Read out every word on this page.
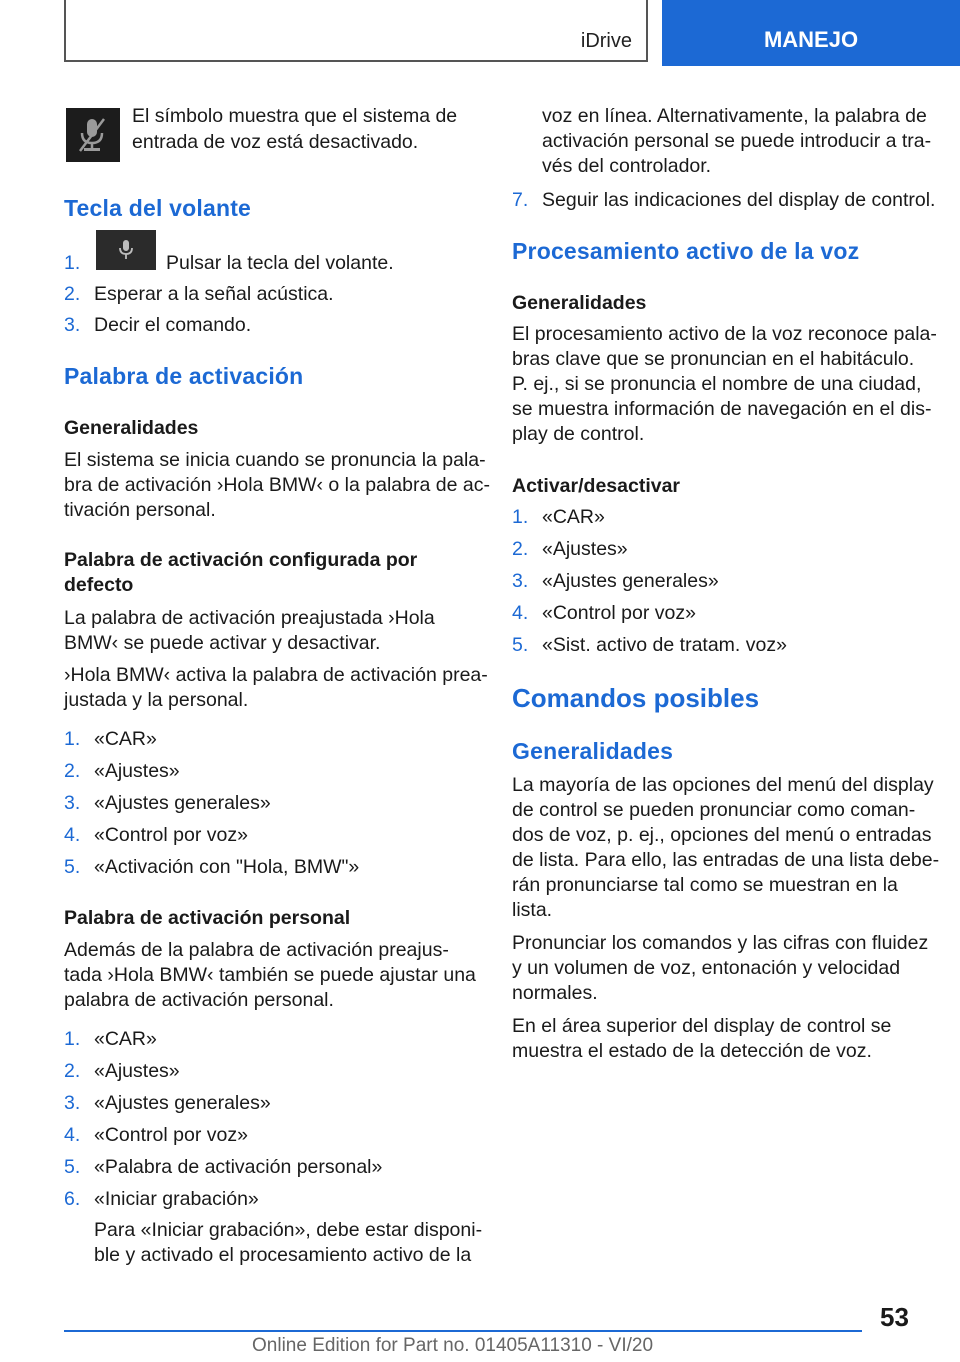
iDrive	MANEJO
El símbolo muestra que el sistema de
entrada de voz está desactivado.
Tecla del volante
1.	Pulsar la tecla del volante.
2. Esperar a la señal acústica.
3. Decir el comando.
Palabra de activación
Generalidades
El sistema se inicia cuando se pronuncia la pala-
bra de activación ›Hola BMW‹ o la palabra de ac-
tivación personal.
Palabra de activación configurada por
defecto
La palabra de activación preajustada ›Hola
BMW‹ se puede activar y desactivar.
›Hola BMW‹ activa la palabra de activación prea-
justada y la personal.
1. «CAR»
2. «Ajustes»
3. «Ajustes generales»
4. «Control por voz»
5. «Activación con "Hola, BMW"»
Palabra de activación personal
Además de la palabra de activación preajus-
tada ›Hola BMW‹ también se puede ajustar una
palabra de activación personal.
1. «CAR»
2. «Ajustes»
3. «Ajustes generales»
4. «Control por voz»
5. «Palabra de activación personal»
6. «Iniciar grabación»
Para «Iniciar grabación», debe estar disponi-
ble y activado el procesamiento activo de la
voz en línea. Alternativamente, la palabra de
activación personal se puede introducir a tra-
vés del controlador.
7. Seguir las indicaciones del display de control.
Procesamiento activo de la voz
Generalidades
El procesamiento activo de la voz reconoce pala-
bras clave que se pronuncian en el habitáculo.
P. ej., si se pronuncia el nombre de una ciudad,
se muestra información de navegación en el dis-
play de control.
Activar/desactivar
1. «CAR»
2. «Ajustes»
3. «Ajustes generales»
4. «Control por voz»
5. «Sist. activo de tratam. voz»
Comandos posibles
Generalidades
La mayoría de las opciones del menú del display
de control se pueden pronunciar como coman-
dos de voz, p. ej., opciones del menú o entradas
de lista. Para ello, las entradas de una lista debe-
rán pronunciarse tal como se muestran en la
lista.
Pronunciar los comandos y las cifras con fluidez
y un volumen de voz, entonación y velocidad
normales.
En el área superior del display de control se
muestra el estado de la detección de voz.
53
Online Edition for Part no. 01405A11310 - VI/20
